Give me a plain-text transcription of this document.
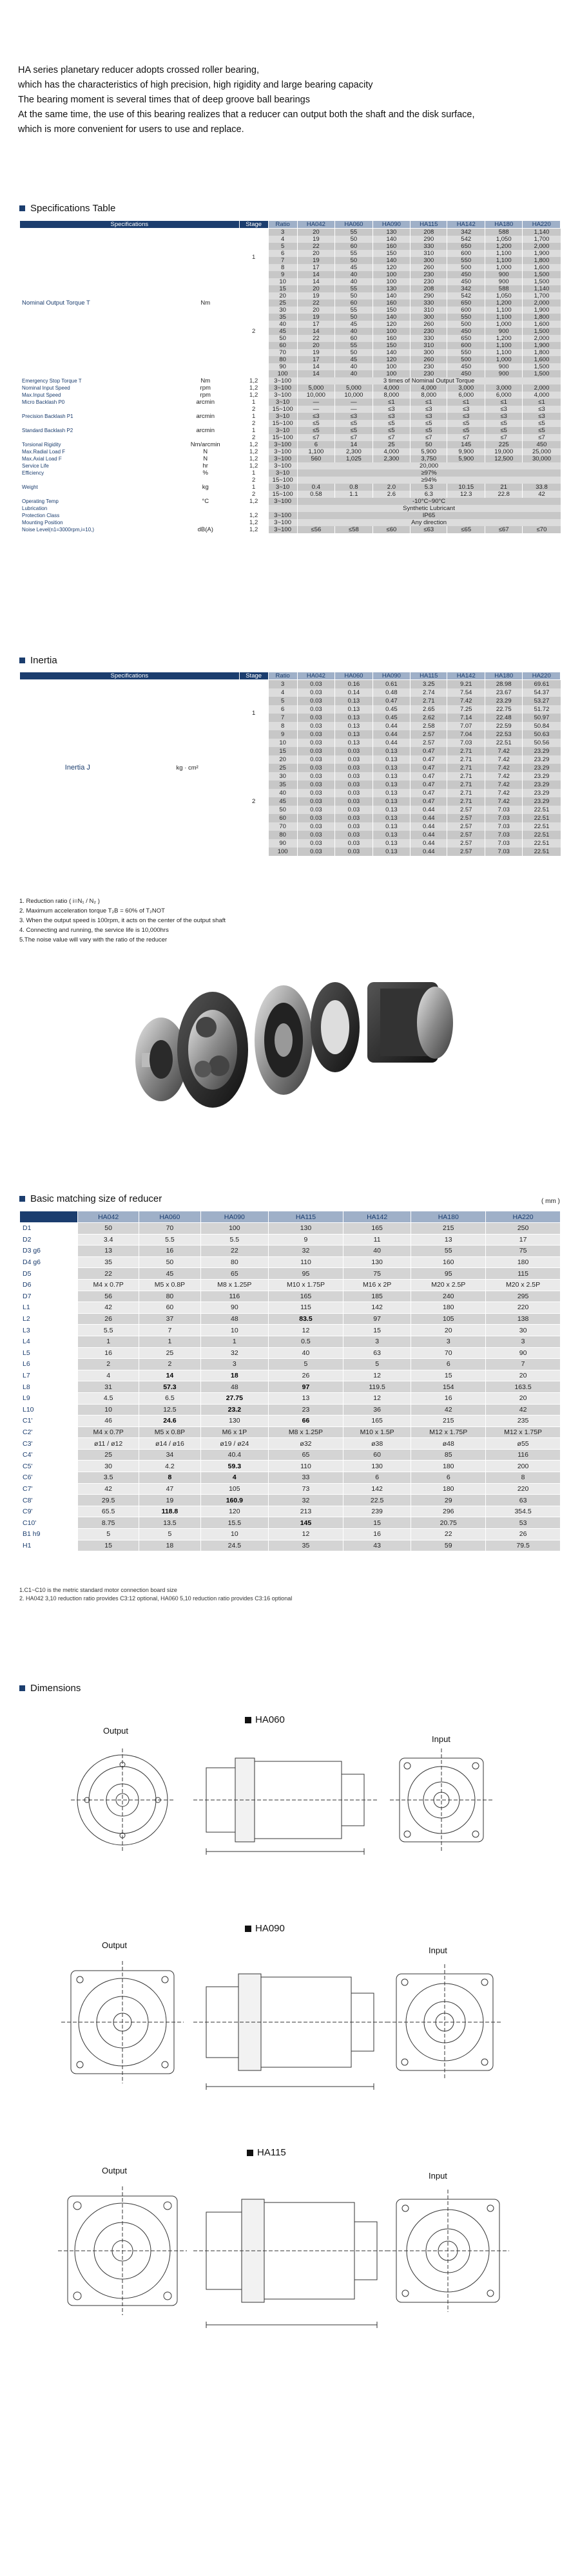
HA series planetary reducer adopts crossed roller bearing,

which has the characteristics of high precision, high rigidity and large bearing capacity

The bearing moment is several times that of deep groove ball bearings

At the same time, the use of this bearing realizes that a reducer can output both the shaft and the disk surface,

which is more convenient for users to use and replace.

Specifications Table
Specifications		Stage	Ratio	HA042	HA060	HA090	HA115	HA142	HA180	HA220
Nominal Output Torque T	Nm	1	3	20	55	130	208	342	588	1,140
			4	19	50	140	290	542	1,050	1,700
			5	22	60	160	330	650	1,200	2,000
			6	20	55	150	310	600	1,100	1,900
			7	19	50	140	300	550	1,100	1,800
			8	17	45	120	260	500	1,000	1,600
			9	14	40	100	230	450	900	1,500
			10	14	40	100	230	450	900	1,500
		2	15	20	55	130	208	342	588	1,140
			20	19	50	140	290	542	1,050	1,700
			25	22	60	160	330	650	1,200	2,000
			30	20	55	150	310	600	1,100	1,900
			35	19	50	140	300	550	1,100	1,800
			40	17	45	120	260	500	1,000	1,600
			45	14	40	100	230	450	900	1,500
			50	22	60	160	330	650	1,200	2,000
			60	20	55	150	310	600	1,100	1,900
			70	19	50	140	300	550	1,100	1,800
			80	17	45	120	260	500	1,000	1,600
			90	14	40	100	230	450	900	1,500
			100	14	40	100	230	450	900	1,500
Emergency Stop Torque T	Nm	1,2	3~100	3 times of Nominal Output Torque						
Nominal Input Speed	rpm	1,2	3~100	5,000	5,000	4,000	4,000	3,000	3,000	2,000
Max.Input Speed	rpm	1,2	3~100	10,000	10,000	8,000	8,000	6,000	6,000	4,000
Micro Backlash P0	arcmin	1	3~10	—	—	≤1	≤1	≤1	≤1	≤1
		2	15~100	—	—	≤3	≤3	≤3	≤3	≤3
Precision Backlash P1	arcmin	1	3~10	≤3	≤3	≤3	≤3	≤3	≤3	≤3
		2	15~100	≤5	≤5	≤5	≤5	≤5	≤5	≤5
Standard Backlash P2	arcmin	1	3~10	≤5	≤5	≤5	≤5	≤5	≤5	≤5
		2	15~100	≤7	≤7	≤7	≤7	≤7	≤7	≤7
Torsional Rigidity	Nm/arcmin	1,2	3~100	6	14	25	50	145	225	450
Max.Radial Load F	N	1,2	3~100	1,100	2,300	4,000	5,900	9,900	19,000	25,000
Max.Axial Load F	N	1,2	3~100	560	1,025	2,300	3,750	5,900	12,500	30,000
Service Life	hr	1,2	3~100	20,000						
Efficiency	%	1	3~10	≥97%						
		2	15~100	≥94%						
Weight	kg	1	3~10	0.4	0.8	2.0	5.3	10.15	21	33.8
		2	15~100	0.58	1.1	2.6	6.3	12.3	22.8	42
Operating Temp	°C	1,2	3~100	-10°C~90°C						
Lubrication				Synthetic Lubricant						
Protection Class		1,2	3~100	IP65						
Mounting Position		1,2	3~100	Any direction						
Noise Level(n1=3000rpm,i=10,)	dB(A)	1,2	3~100	≤56	≤58	≤60	≤63	≤65	≤67	≤70
Inertia
Specifications		Stage	Ratio	HA042	HA060	HA090	HA115	HA142	HA180	HA220
Inertia J	kg · cm²	1	3	0.03	0.16	0.61	3.25	9.21	28.98	69.61
			4	0.03	0.14	0.48	2.74	7.54	23.67	54.37
			5	0.03	0.13	0.47	2.71	7.42	23.29	53.27
			6	0.03	0.13	0.45	2.65	7.25	22.75	51.72
			7	0.03	0.13	0.45	2.62	7.14	22.48	50.97
			8	0.03	0.13	0.44	2.58	7.07	22.59	50.84
			9	0.03	0.13	0.44	2.57	7.04	22.53	50.63
			10	0.03	0.13	0.44	2.57	7.03	22.51	50.56
		2	15	0.03	0.03	0.13	0.47	2.71	7.42	23.29
			20	0.03	0.03	0.13	0.47	2.71	7.42	23.29
			25	0.03	0.03	0.13	0.47	2.71	7.42	23.29
			30	0.03	0.03	0.13	0.47	2.71	7.42	23.29
			35	0.03	0.03	0.13	0.47	2.71	7.42	23.29
			40	0.03	0.03	0.13	0.47	2.71	7.42	23.29
			45	0.03	0.03	0.13	0.47	2.71	7.42	23.29
			50	0.03	0.03	0.13	0.44	2.57	7.03	22.51
			60	0.03	0.03	0.13	0.44	2.57	7.03	22.51
			70	0.03	0.03	0.13	0.44	2.57	7.03	22.51
			80	0.03	0.03	0.13	0.44	2.57	7.03	22.51
			90	0.03	0.03	0.13	0.44	2.57	7.03	22.51
			100	0.03	0.03	0.13	0.44	2.57	7.03	22.51
1. Reduction ratio ( i=N₁ / N₂ )
2. Maximum acceleration torque T₂B = 60% of T₂NOT
3. When the output speed is 100rpm, it acts on the center of the output shaft
4. Connecting and running, the service life is 10,000hrs
5.The noise value will vary with the ratio of the reducer
Basic matching size of reducer	( mm )
	HA042	HA060	HA090	HA115	HA142	HA180	HA220
D1	50	70	100	130	165	215	250
D2	3.4	5.5	5.5	9	11	13	17
D3 g6	13	16	22	32	40	55	75
D4 g6	35	50	80	110	130	160	180
D5	22	45	65	95	75	95	115
D6	M4 x 0.7P	M5 x 0.8P	M8 x 1.25P	M10 x 1.75P	M16 x 2P	M20 x 2.5P	M20 x 2.5P
D7	56	80	116	165	185	240	295
L1	42	60	90	115	142	180	220
L2	26	37	48	83.5	97	105	138
L3	5.5	7	10	12	15	20	30
L4	1	1	1	0.5	3	3	3
L5	16	25	32	40	63	70	90
L6	2	2	3	5	5	6	7
L7	4	14	18	26	12	15	20
L8	31	57.3	48	97	119.5	154	163.5
L9	4.5	6.5	27.75	13	12	16	20
L10	10	12.5	23.2	23	36	42	42
C1'	46	24.6	130	66	165	215	235
C2'	M4 x 0.7P	M5 x 0.8P	M6 x 1P	M8 x 1.25P	M10 x 1.5P	M12 x 1.75P	M12 x 1.75P
C3'	ø11 / ø12	ø14 / ø16	ø19 / ø24	ø32	ø38	ø48	ø55
C4'	25	34	40.4	65	60	85	116
C5'	30	4.2	59.3	110	130	180	200
C6'	3.5	8	4	33	6	6	8
C7'	42	47	105	73	142	180	220
C8'	29.5	19	160.9	32	22.5	29	63
C9'	65.5	118.8	120	213	239	296	354.5
C10'	8.75	13.5	15.5	145	15	20.75	53
B1 h9	5	5	10	12	16	22	26
H1	15	18	24.5	35	43	59	79.5
1.C1~C10 is the metric standard motor connection board size
2. HA042 3,10 reduction ratio provides C3:12 optional, HA060 5,10 reduction ratio provides C3:16 optional
Dimensions
HA060
Output
Input
HA090
Output
Input
HA115
Output
Input
